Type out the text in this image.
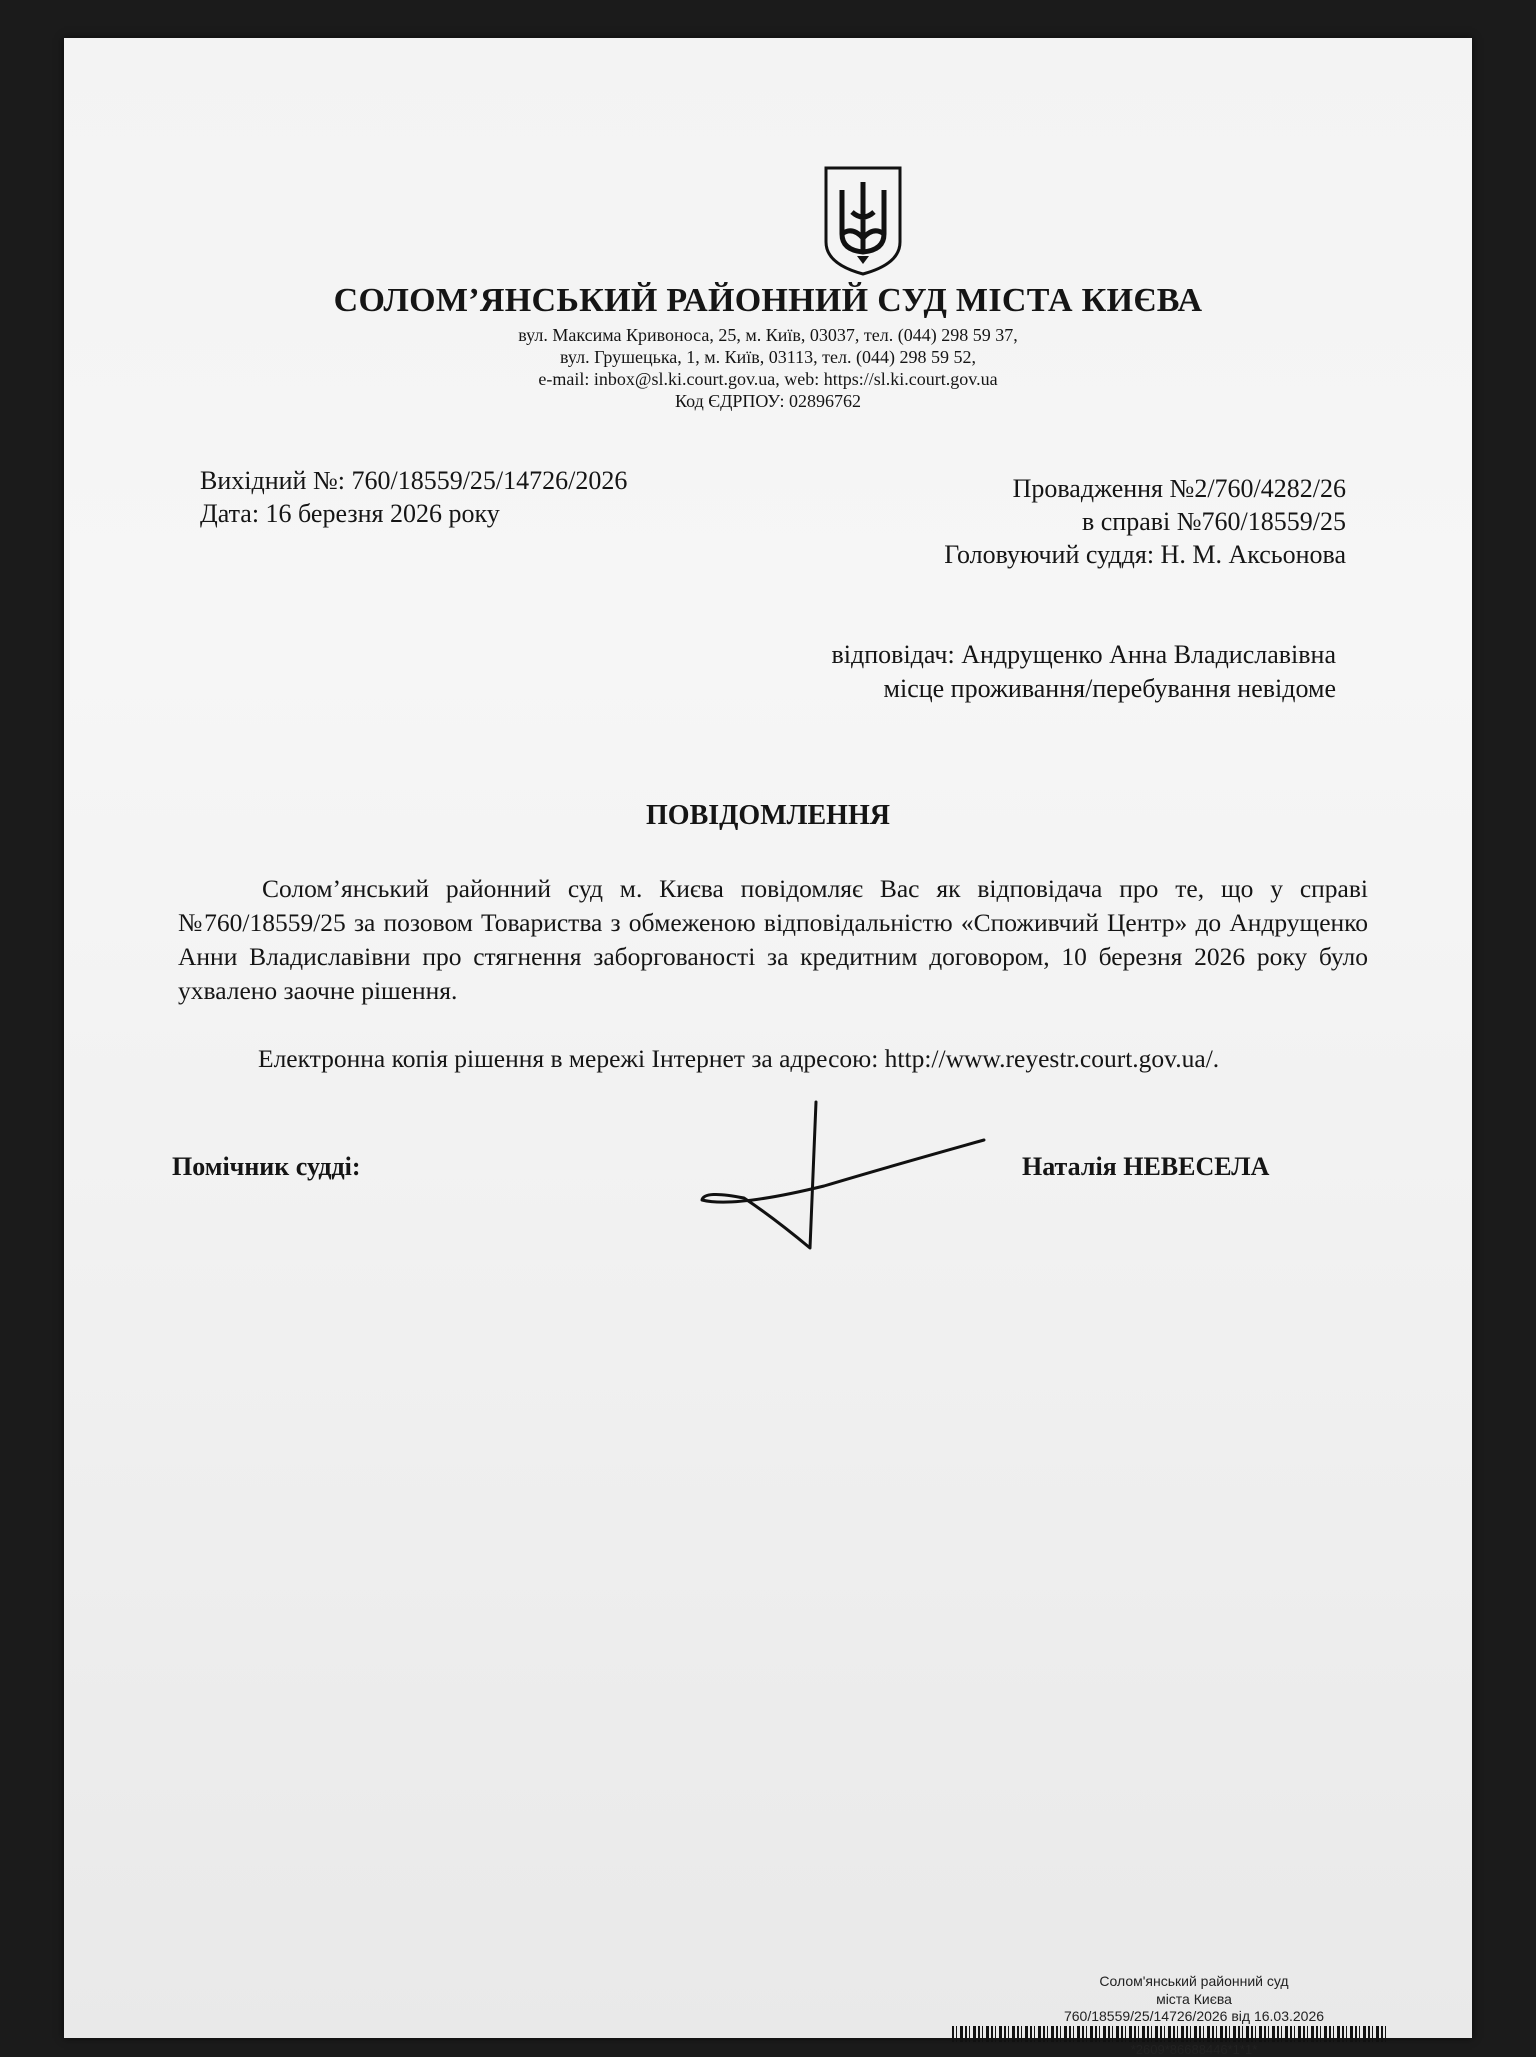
СОЛОМ’ЯНСЬКИЙ РАЙОННИЙ СУД МІСТА КИЄВА
вул. Максима Кривоноса, 25, м. Київ, 03037, тел. (044) 298 59 37,
вул. Грушецька, 1, м. Київ, 03113, тел. (044) 298 59 52,
e-mail: inbox@sl.ki.court.gov.ua, web: https://sl.ki.court.gov.ua
Код ЄДРПОУ: 02896762
Вихідний №: 760/18559/25/14726/2026
Дата: 16 березня 2026 року
Провадження №2/760/4282/26
в справі №760/18559/25
Головуючий суддя: Н. М. Аксьонова
відповідач: Андрущенко Анна Владиславівна
місце проживання/перебування невідоме
ПОВІДОМЛЕННЯ
Солом’янський районний суд м. Києва повідомляє Вас як відповідача про те, що у справі №760/18559/25 за позовом Товариства з обмеженою відповідальністю «Споживчий Центр» до Андрущенко Анни Владиславівни про стягнення заборгованості за кредитним договором, 10 березня 2026 року було ухвалено заочне рішення.
Електронна копія рішення в мережі Інтернет за адресою: http://www.reyestr.court.gov.ua/.
Помічник судді:	Наталія НЕВЕСЕЛА
Солом'янський районний суд
міста Києва
760/18559/25/14726/2026 від 16.03.2026
*2609*86688446*1*1*
